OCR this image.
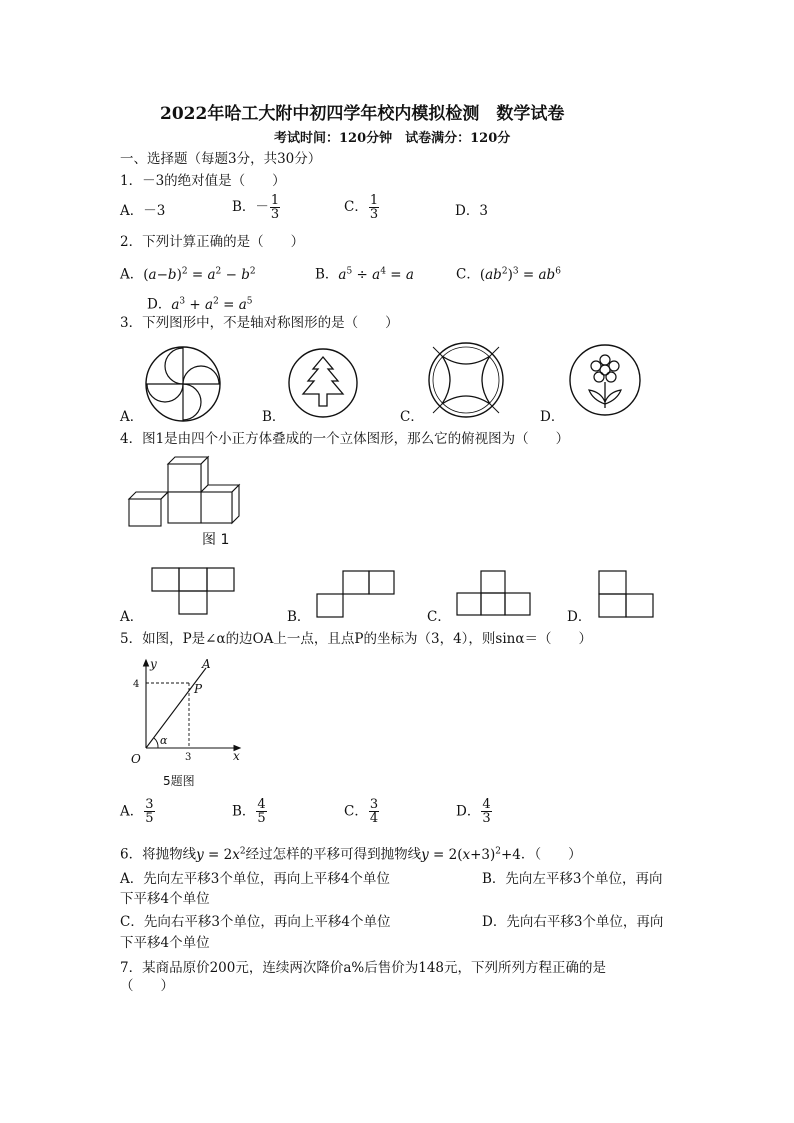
2022年哈工大附中初四学年校内模拟检测　数学试卷
考试时间：120分钟　试卷满分：120分
一、选择题（每题3分，共30分）
1．－3的绝对值是（　　）
A．－3	B．－ $\frac{1}{3}$	C． $\frac{1}{3}$	D．3
2．下列计算正确的是（　　）
A．$(a-b)^2 = a^2 - b^2$	B．$a^5 \div a^4 = a$	C．$(ab^2)^3 = ab^6$
D．$a^3 + a^2 = a^5$
3．下列图形中，不是轴对称图形的是（　　）
A．	B．	C．	D．
4．图1是由四个小正方体叠成的一个立体图形，那么它的俯视图为（　　）
图 1
A．	B．	C．	D．
5．如图，P是∠α的边OA上一点，且点P的坐标为（3，4），则sinα＝（　　）
y
x
O
A
P
α
3
4
5题图
A． $\frac{3}{5}$	B． $\frac{4}{5}$	C． $\frac{3}{4}$	D． $\frac{4}{3}$
6．将抛物线$y = 2x^2$经过怎样的平移可得到抛物线$y = 2(x+3)^2+4$．（　　）
A．先向左平移3个单位，再向上平移4个单位	B．先向左平移3个单位，再向
下平移4个单位
C．先向右平移3个单位，再向上平移4个单位	D．先向右平移3个单位，再向
下平移4个单位
7．某商品原价200元，连续两次降价a%后售价为148元，下列所列方程正确的是
（　　）
